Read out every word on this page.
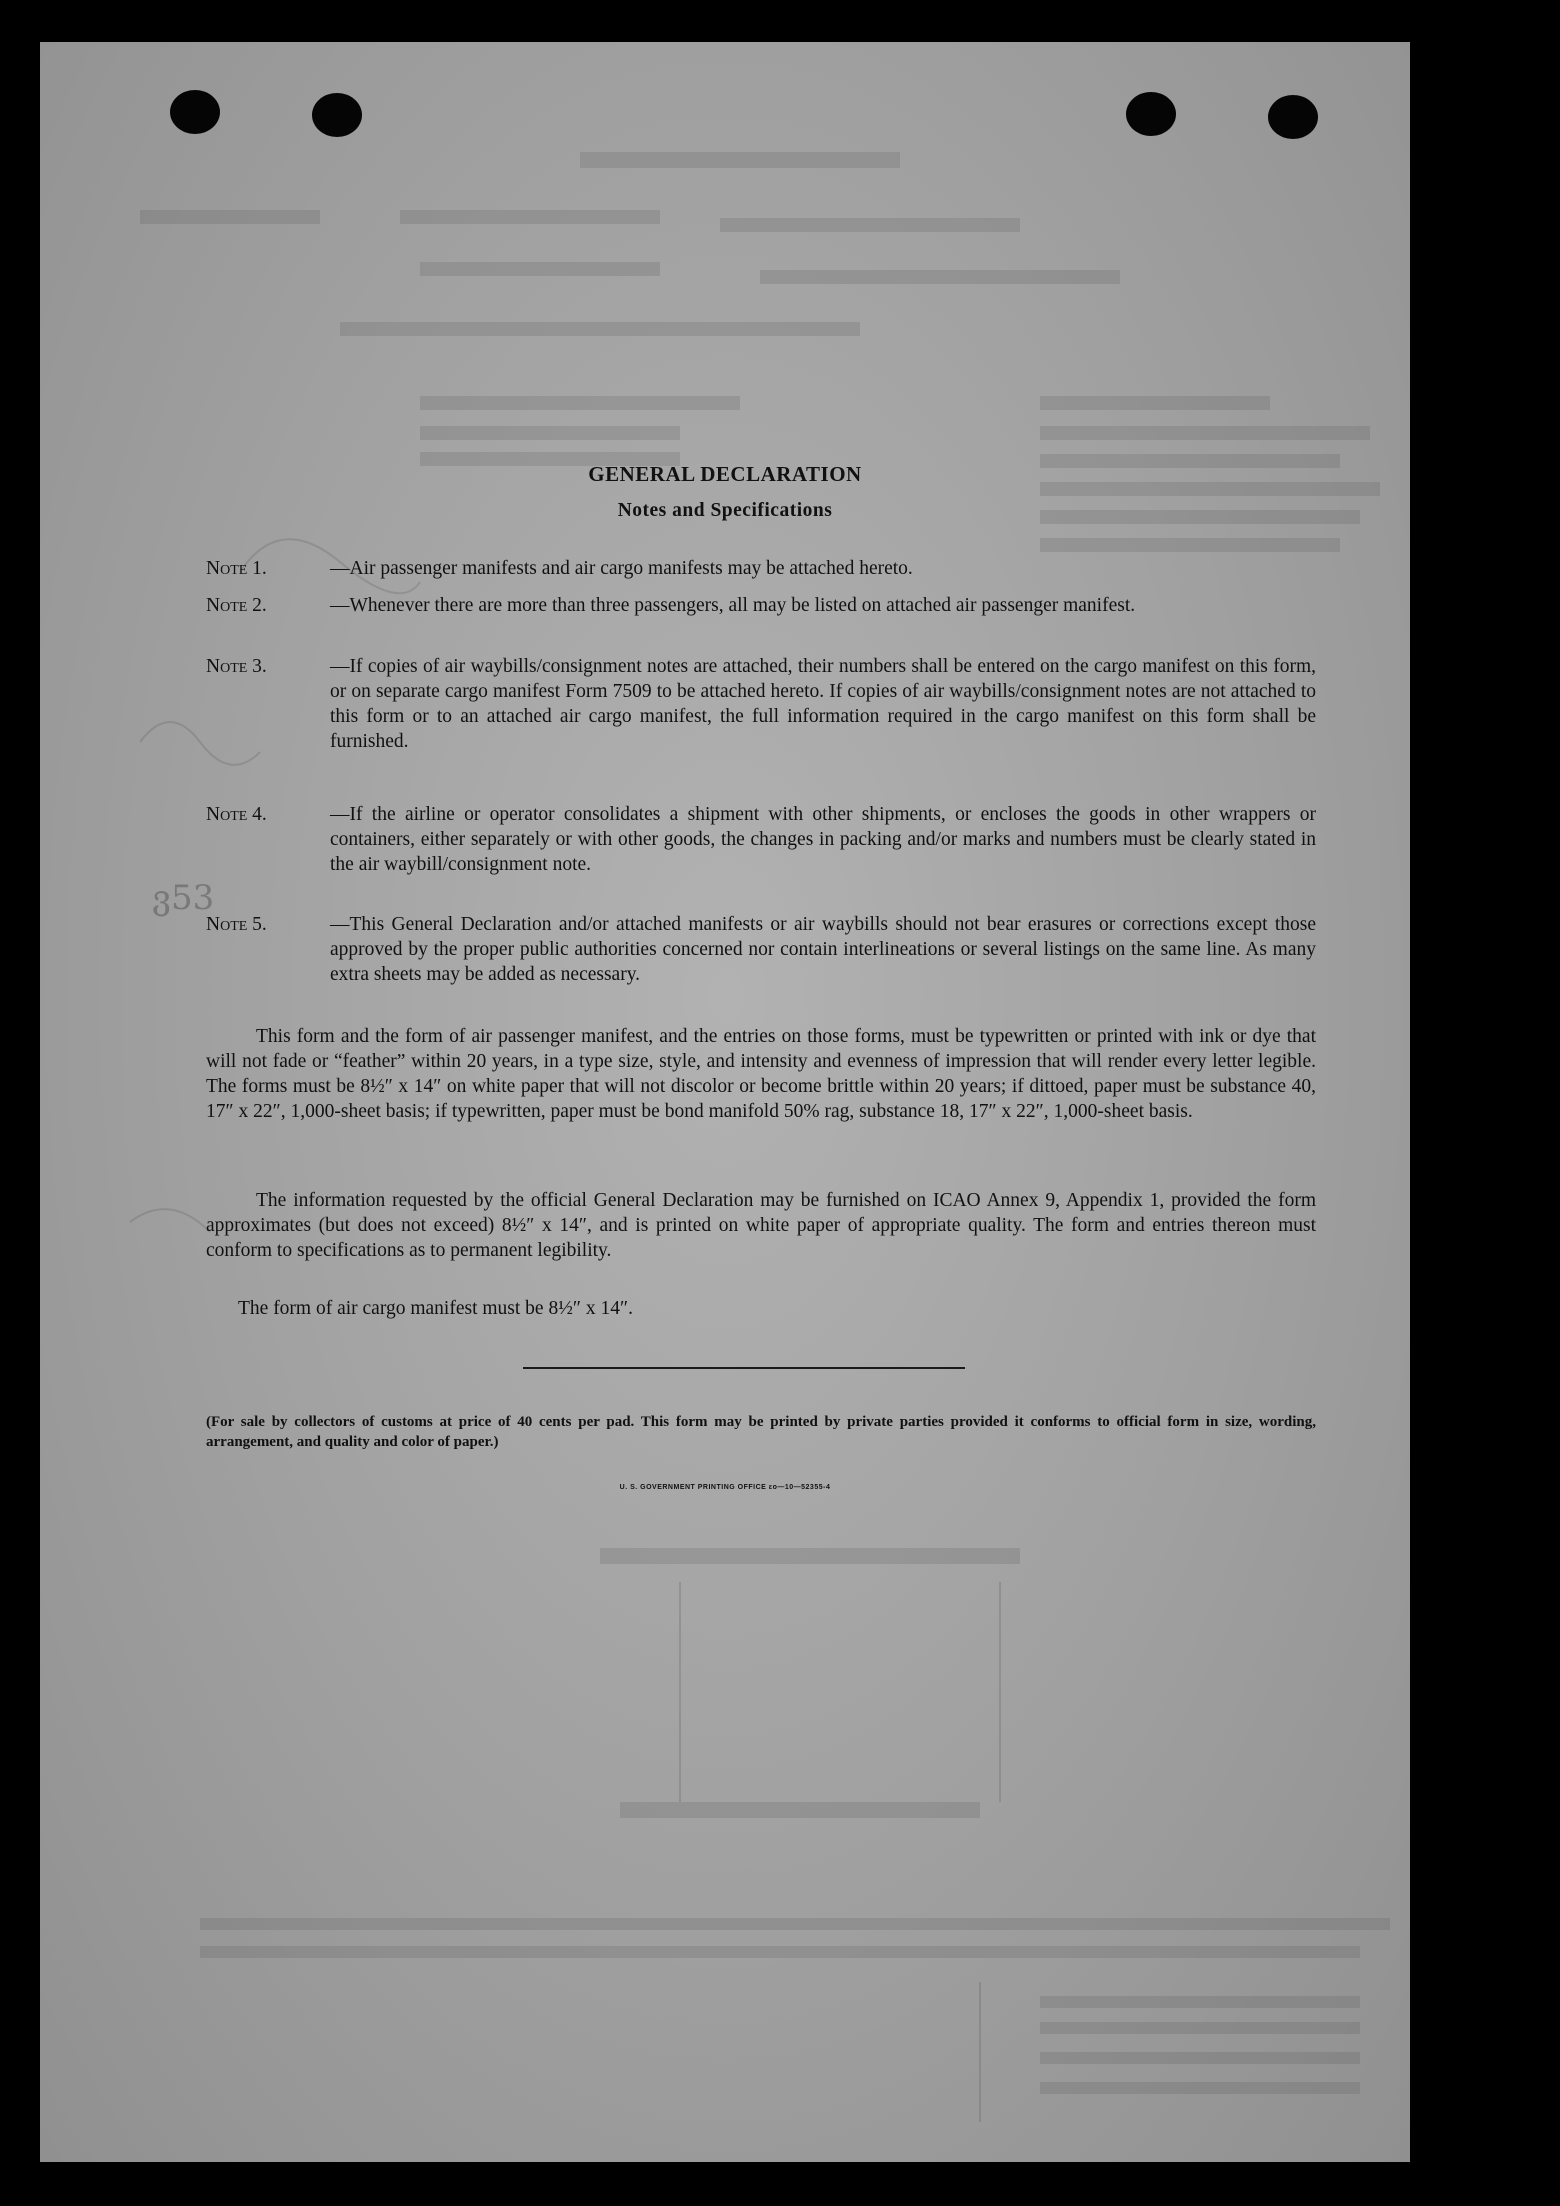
ვ53
GENERAL DECLARATION
Notes and Specifications
Note 1.	—Air passenger manifests and air cargo manifests may be attached hereto.
Note 2.	—Whenever there are more than three passengers, all may be listed on attached air passenger manifest.
Note 3.	—If copies of air waybills/consignment notes are attached, their numbers shall be entered on the cargo manifest on this form, or on separate cargo manifest Form 7509 to be attached hereto. If copies of air waybills/consignment notes are not attached to this form or to an attached air cargo manifest, the full information required in the cargo manifest on this form shall be furnished.
Note 4.	—If the airline or operator consolidates a shipment with other shipments, or encloses the goods in other wrappers or containers, either separately or with other goods, the changes in packing and/or marks and numbers must be clearly stated in the air waybill/consignment note.
Note 5.	—This General Declaration and/or attached manifests or air waybills should not bear erasures or corrections except those approved by the proper public authorities concerned nor contain interlineations or several listings on the same line. As many extra sheets may be added as necessary.
This form and the form of air passenger manifest, and the entries on those forms, must be typewritten or printed with ink or dye that will not fade or “feather” within 20 years, in a type size, style, and intensity and evenness of impression that will render every letter legible. The forms must be 8½″ x 14″ on white paper that will not discolor or become brittle within 20 years; if dittoed, paper must be substance 40, 17″ x 22″, 1,000-sheet basis; if typewritten, paper must be bond manifold 50% rag, substance 18, 17″ x 22″, 1,000-sheet basis.
The information requested by the official General Declaration may be furnished on ICAO Annex 9, Appendix 1, provided the form approximates (but does not exceed) 8½″ x 14″, and is printed on white paper of appropriate quality. The form and entries thereon must conform to specifications as to permanent legibility.
The form of air cargo manifest must be 8½″ x 14″.
(For sale by collectors of customs at price of 40 cents per pad. This form may be printed by private parties provided it conforms to official form in size, wording, arrangement, and quality and color of paper.)
U. S. GOVERNMENT PRINTING OFFICE εο—10—52355-4
